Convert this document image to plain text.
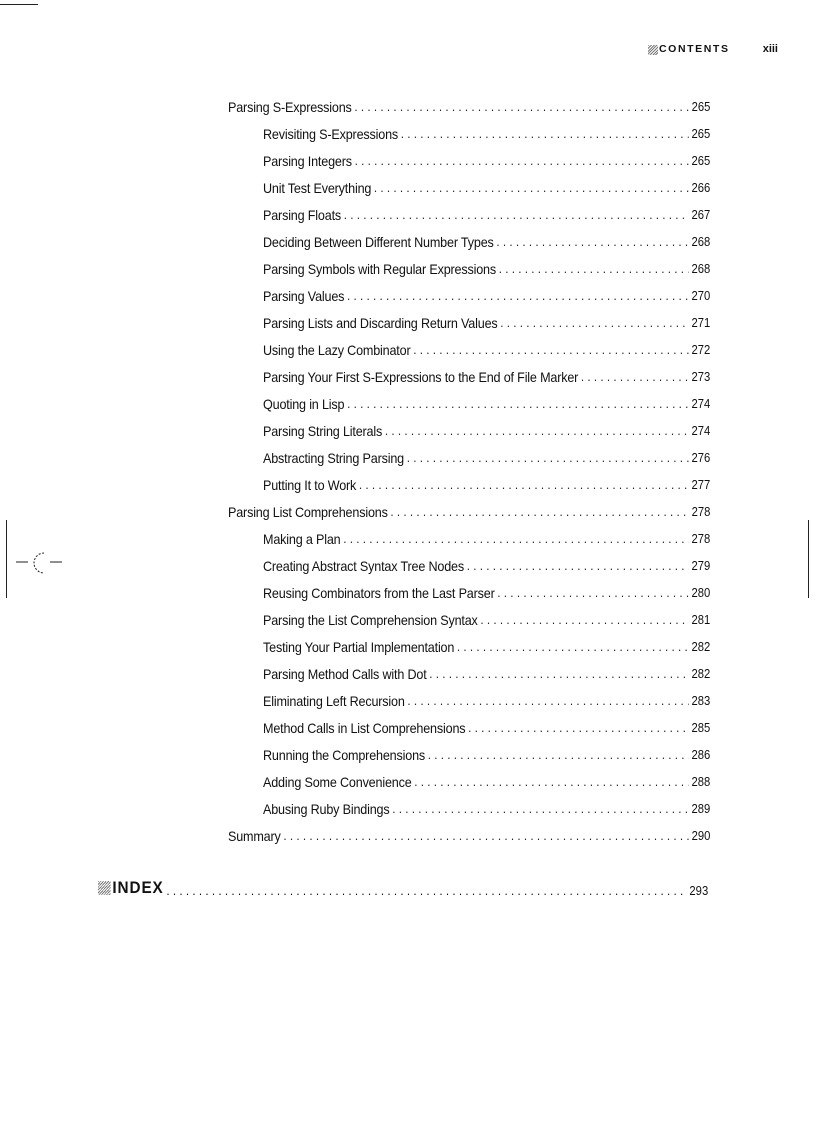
CONTENTS	xiii
Parsing S-Expressions . . .	265
Revisiting S-Expressions . . .	265
Parsing Integers . . .	265
Unit Test Everything . . .	266
Parsing Floats . . .	267
Deciding Between Different Number Types . . .	268
Parsing Symbols with Regular Expressions . . .	268
Parsing Values . . .	270
Parsing Lists and Discarding Return Values . . .	271
Using the Lazy Combinator . . .	272
Parsing Your First S-Expressions to the End of File Marker . . .	273
Quoting in Lisp . . .	274
Parsing String Literals . . .	274
Abstracting String Parsing . . .	276
Putting It to Work . . .	277
Parsing List Comprehensions . . .	278
Making a Plan . . .	278
Creating Abstract Syntax Tree Nodes . . .	279
Reusing Combinators from the Last Parser . . .	280
Parsing the List Comprehension Syntax . . .	281
Testing Your Partial Implementation . . .	282
Parsing Method Calls with Dot . . .	282
Eliminating Left Recursion . . .	283
Method Calls in List Comprehensions . . .	285
Running the Comprehensions . . .	286
Adding Some Convenience . . .	288
Abusing Ruby Bindings . . .	289
Summary . . .	290
INDEX . . .	293
